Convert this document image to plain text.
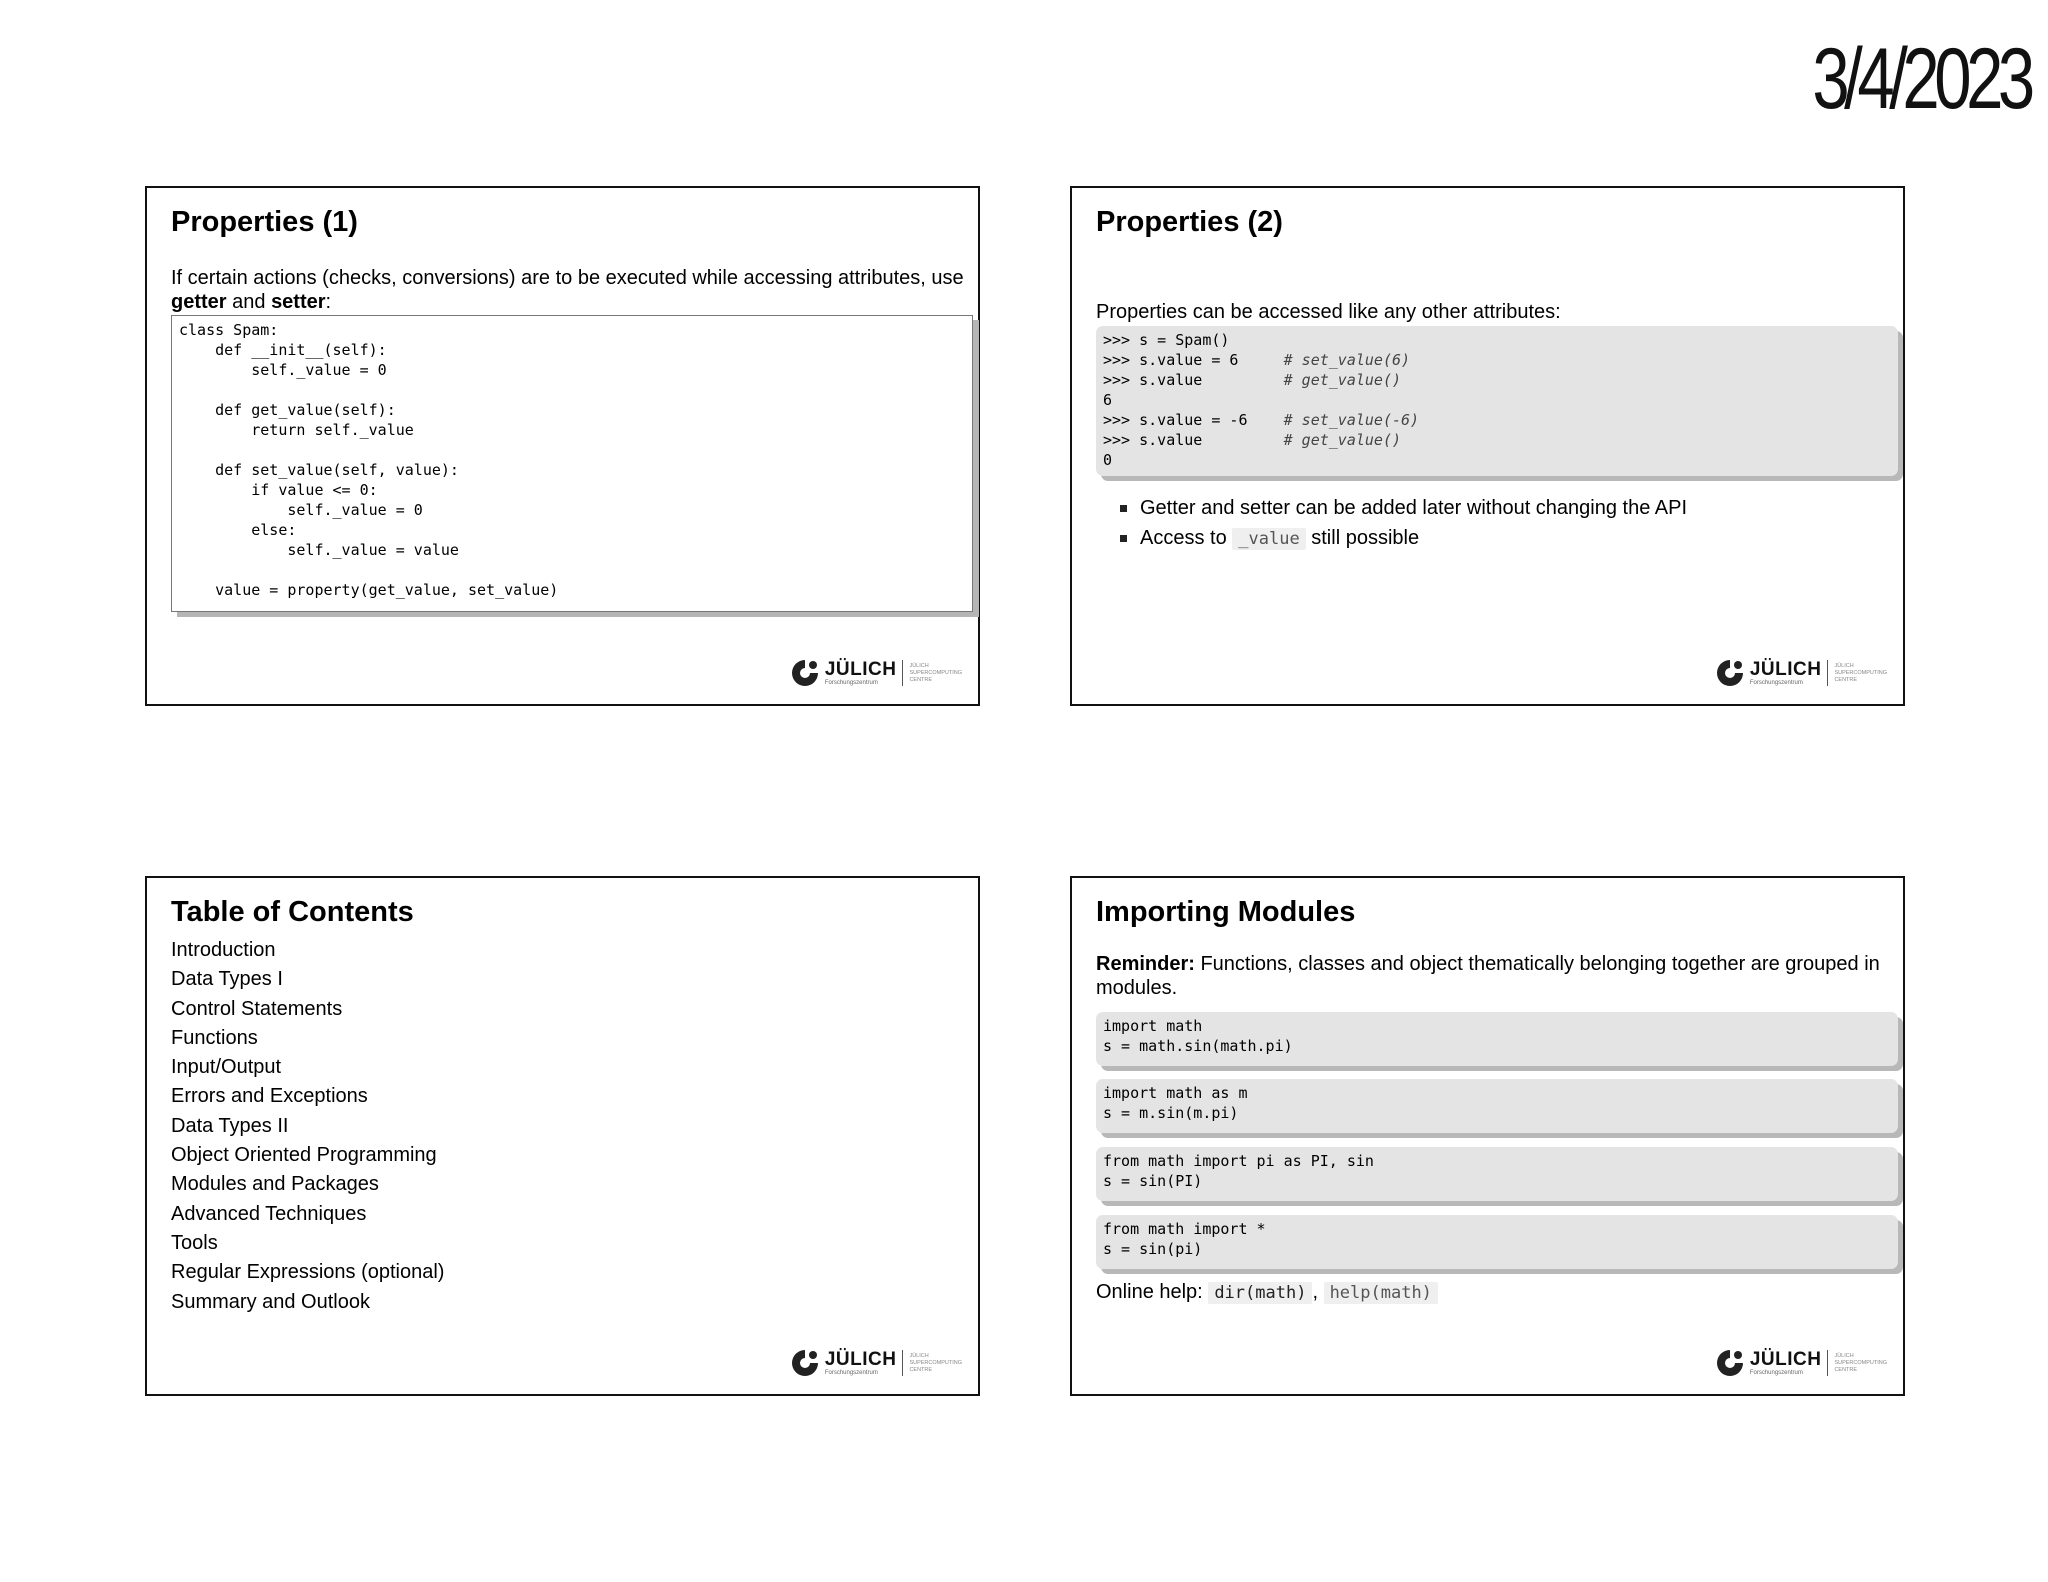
3/4/2023
Properties (1)
If certain actions (checks, conversions) are to be executed while accessing attributes, use getter and setter:
class Spam:
def __init__(self):
self._value = 0

def get_value(self):
return self._value

def set_value(self, value):
if value <= 0:
self._value = 0
else:
self._value = value

value = property(get_value, set_value)

JÜLICH
Forschungszentrum
JÜLICH
SUPERCOMPUTING
CENTRE
Properties (2)
Properties can be accessed like any other attributes:
>>> s = Spam()
>>> s.value = 6     # set_value(6)
>>> s.value         # get_value()
6
>>> s.value = -6    # set_value(-6)
>>> s.value         # get_value()
0

Getter and setter can be added later without changing the API
Access to _value still possible
JÜLICH
Forschungszentrum
JÜLICH
SUPERCOMPUTING
CENTRE
Table of Contents
Introduction
Data Types I
Control Statements
Functions
Input/Output
Errors and Exceptions
Data Types II
Object Oriented Programming
Modules and Packages
Advanced Techniques
Tools
Regular Expressions (optional)
Summary and Outlook
JÜLICH
Forschungszentrum
JÜLICH
SUPERCOMPUTING
CENTRE
Importing Modules
Reminder: Functions, classes and object thematically belonging together are grouped in modules.
import math
s = math.sin(math.pi)

import math as m
s = m.sin(m.pi)

from math import pi as PI, sin
s = sin(PI)

from math import *
s = sin(pi)

Online help: dir(math) , help(math)
JÜLICH
Forschungszentrum
JÜLICH
SUPERCOMPUTING
CENTRE
